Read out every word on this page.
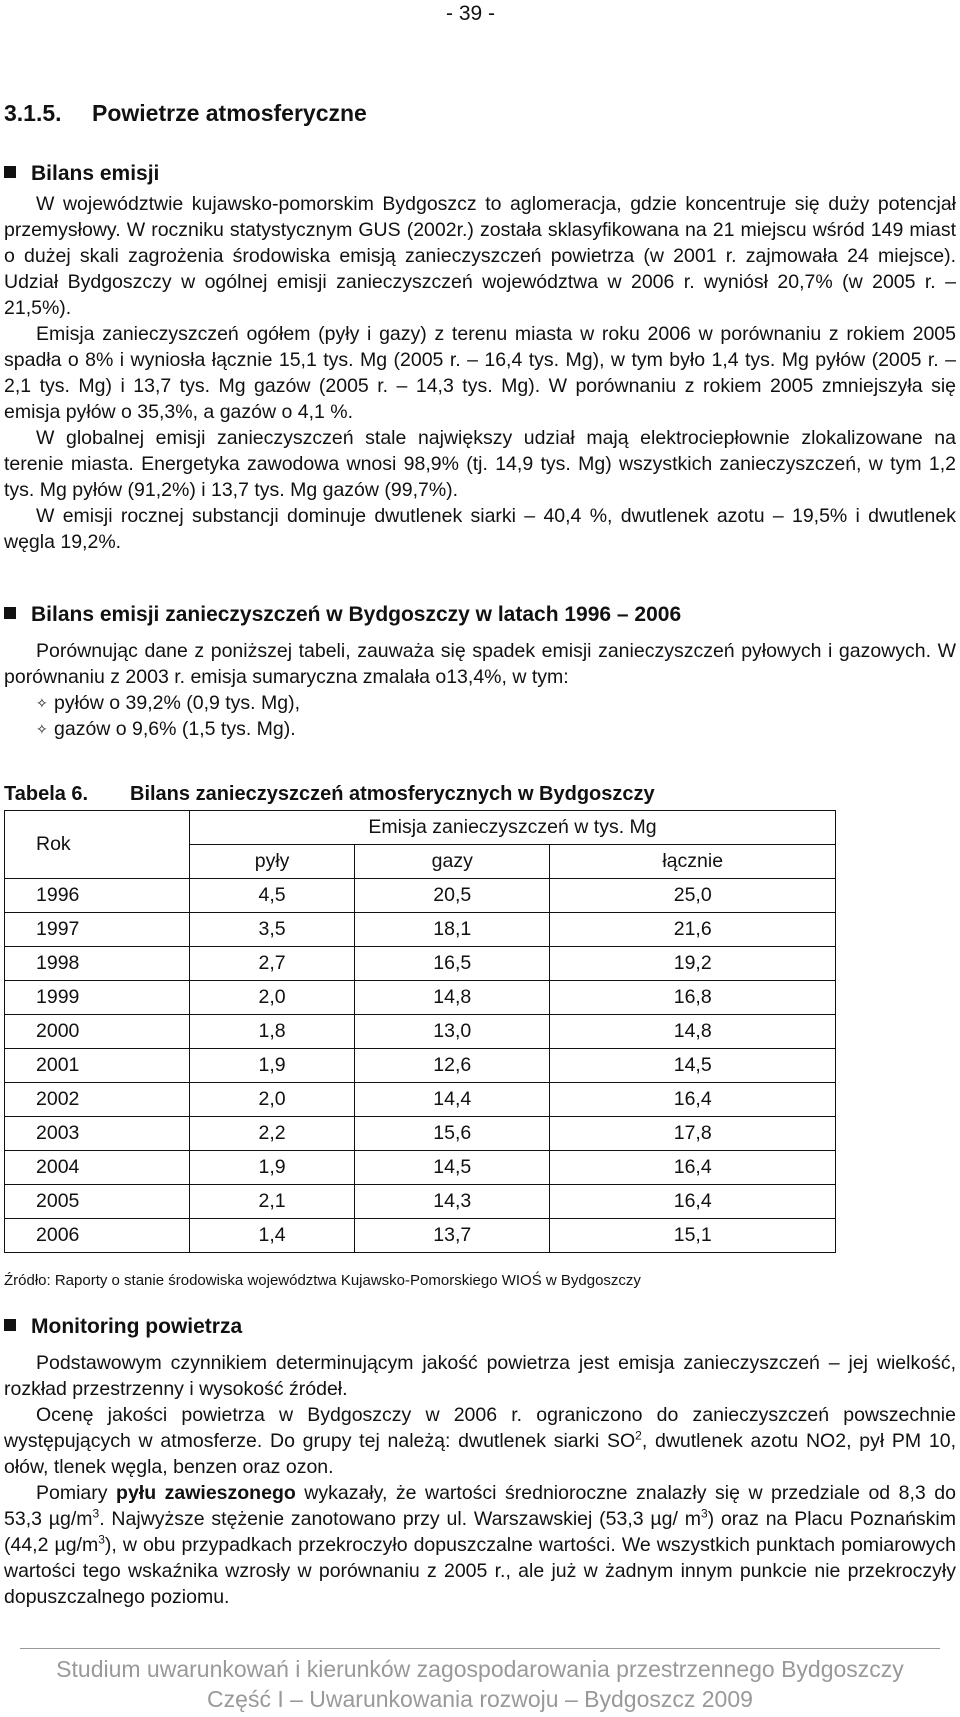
- 39 -
3.1.5. Powietrze atmosferyczne
Bilans emisji

W województwie kujawsko-pomorskim Bydgoszcz to aglomeracja, gdzie koncentruje się duży potencjał przemysłowy. W roczniku statystycznym GUS (2002r.) została sklasyfikowana na 21 miejscu wśród 149 miast o dużej skali zagrożenia środowiska emisją zanieczyszczeń powietrza (w 2001 r. zajmowała 24 miejsce). Udział Bydgoszczy w ogólnej emisji zanieczyszczeń województwa w 2006 r. wyniósł 20,7% (w 2005 r. – 21,5%).

Emisja zanieczyszczeń ogółem (pyły i gazy) z terenu miasta w roku 2006 w porównaniu z rokiem 2005 spadła o 8% i wyniosła łącznie 15,1 tys. Mg (2005 r. – 16,4 tys. Mg), w tym było 1,4 tys. Mg pyłów (2005 r. – 2,1 tys. Mg) i 13,7 tys. Mg gazów (2005 r. – 14,3 tys. Mg). W porównaniu z rokiem 2005 zmniejszyła się emisja pyłów o 35,3%, a gazów o 4,1 %.

W globalnej emisji zanieczyszczeń stale największy udział mają elektrociepłownie zlokalizowane na terenie miasta. Energetyka zawodowa wnosi 98,9% (tj. 14,9 tys. Mg) wszystkich zanieczyszczeń, w tym 1,2 tys. Mg pyłów (91,2%) i 13,7 tys. Mg gazów (99,7%).

W emisji rocznej substancji dominuje dwutlenek siarki – 40,4 %, dwutlenek azotu – 19,5% i dwutlenek węgla 19,2%.

Bilans emisji zanieczyszczeń w Bydgoszczy w latach 1996 – 2006

Porównując dane z poniższej tabeli, zauważa się spadek emisji zanieczyszczeń pyłowych i gazowych. W porównaniu z 2003 r. emisja sumaryczna zmalała o13,4%, w tym:

✧ pyłów o 39,2% (0,9 tys. Mg),
✧ gazów o 9,6% (1,5 tys. Mg).
Tabela 6. Bilans zanieczyszczeń atmosferycznych w Bydgoszczy
Rok	Emisja zanieczyszczeń w tys. Mg		
	pyły	gazy	łącznie
1996	4,5	20,5	25,0
1997	3,5	18,1	21,6
1998	2,7	16,5	19,2
1999	2,0	14,8	16,8
2000	1,8	13,0	14,8
2001	1,9	12,6	14,5
2002	2,0	14,4	16,4
2003	2,2	15,6	17,8
2004	1,9	14,5	16,4
2005	2,1	14,3	16,4
2006	1,4	13,7	15,1
Źródło: Raporty o stanie środowiska województwa Kujawsko-Pomorskiego WIOŚ w Bydgoszczy
Monitoring powietrza

Podstawowym czynnikiem determinującym jakość powietrza jest emisja zanieczyszczeń – jej wielkość, rozkład przestrzenny i wysokość źródeł.

Ocenę jakości powietrza w Bydgoszczy w 2006 r. ograniczono do zanieczyszczeń powszechnie występujących w atmosferze. Do grupy tej należą: dwutlenek siarki $SO^2$, dwutlenek azotu NO2, pył PM 10, ołów, tlenek węgla, benzen oraz ozon.

Pomiary pyłu zawieszonego wykazały, że wartości średnioroczne znalazły się w przedziale od 8,3 do 53,3 $\mu g/m^3$. Najwyższe stężenie zanotowano przy ul. Warszawskiej (53,3 µg/ $m^3$) oraz na Placu Poznańskim (44,2 $\mu g/m^3$), w obu przypadkach przekroczyło dopuszczalne wartości. We wszystkich punktach pomiarowych wartości tego wskaźnika wzrosły w porównaniu z 2005 r., ale już w żadnym innym punkcie nie przekroczyły dopuszczalnego poziomu.

Studium uwarunkowań i kierunków zagospodarowania przestrzennego Bydgoszczy
Część I – Uwarunkowania rozwoju – Bydgoszcz 2009
